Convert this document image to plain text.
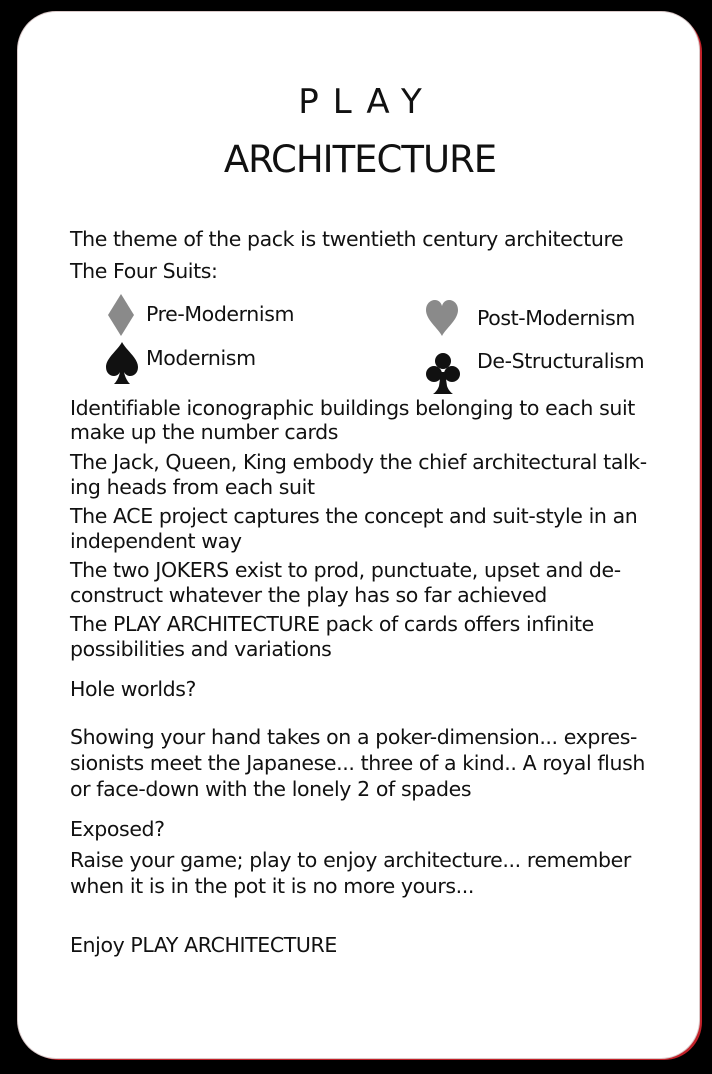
PLAY
ARCHITECTURE
The theme of the pack is twentieth century architecture
The Four Suits:
Pre-Modernism	Post-Modernism
Modernism	De-Structuralism
Identifiable iconographic buildings belonging to each suit
make up the number cards
The Jack, Queen, King embody the chief architectural talk-
ing heads from each suit
The ACE project captures the concept and suit-style in an
independent way
The two JOKERS exist to prod, punctuate, upset and de-
construct whatever the play has so far achieved
The PLAY ARCHITECTURE pack of cards offers infinite
possibilities and variations
Hole worlds?
Showing your hand takes on a poker-dimension... expres-
sionists meet the Japanese... three of a kind.. A royal flush
or face-down with the lonely 2 of spades
Exposed?
Raise your game; play to enjoy architecture... remember
when it is in the pot it is no more yours...
Enjoy PLAY ARCHITECTURE
